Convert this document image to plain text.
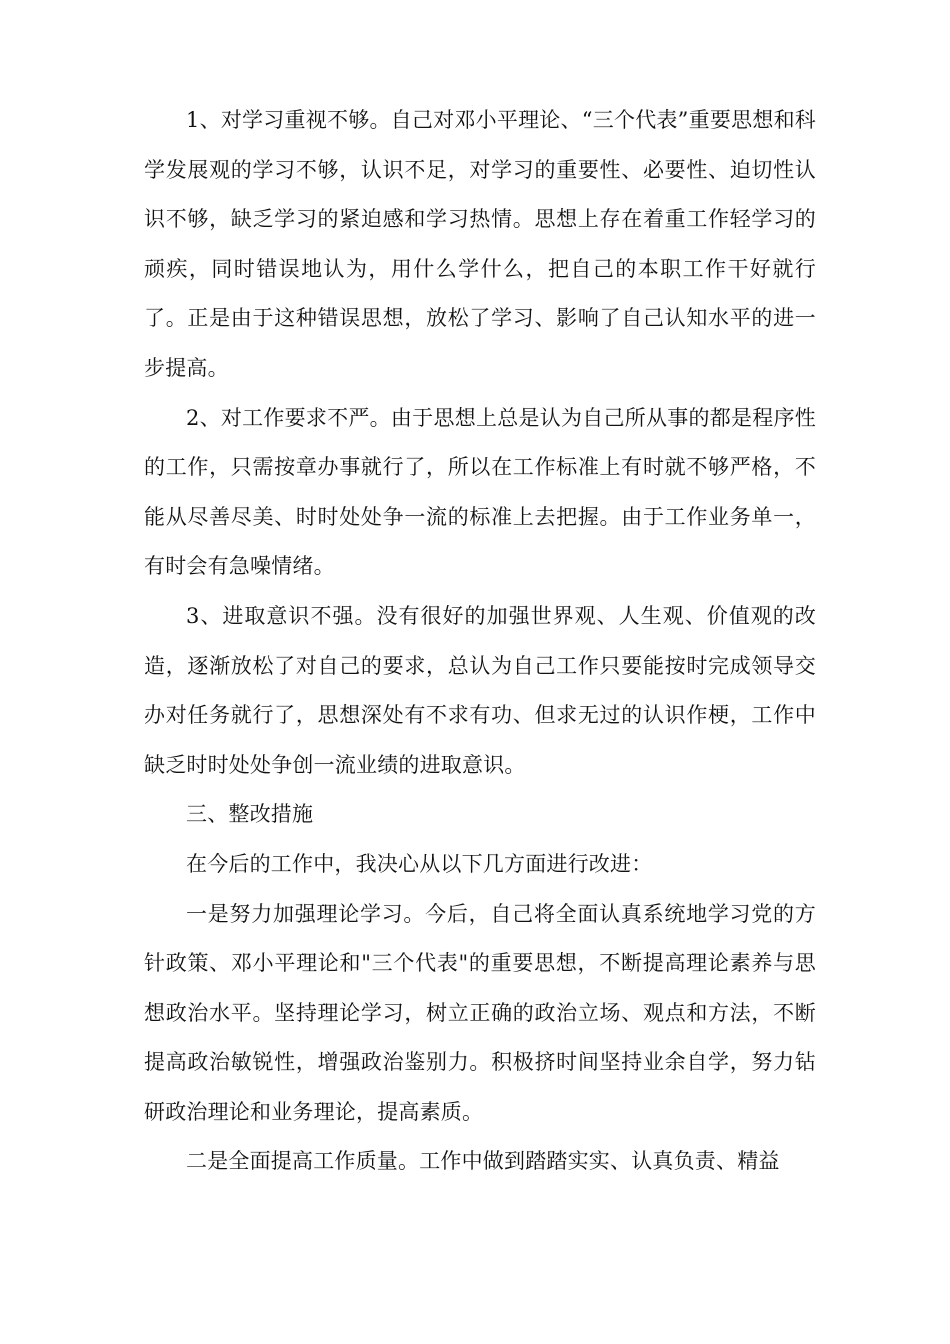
1、对学习重视不够。自己对邓小平理论、“三个代表”重要思想和科学发展观的学习不够，认识不足，对学习的重要性、必要性、迫切性认识不够，缺乏学习的紧迫感和学习热情。思想上存在着重工作轻学习的顽疾，同时错误地认为，用什么学什么，把自己的本职工作干好就行了。正是由于这种错误思想，放松了学习、影响了自己认知水平的进一步提高。

2、对工作要求不严。由于思想上总是认为自己所从事的都是程序性的工作，只需按章办事就行了，所以在工作标准上有时就不够严格，不能从尽善尽美、时时处处争一流的标准上去把握。由于工作业务单一，有时会有急噪情绪。

3、进取意识不强。没有很好的加强世界观、人生观、价值观的改造，逐渐放松了对自己的要求，总认为自己工作只要能按时完成领导交办对任务就行了，思想深处有不求有功、但求无过的认识作梗，工作中缺乏时时处处争创一流业绩的进取意识。

三、整改措施

在今后的工作中，我决心从以下几方面进行改进：

一是努力加强理论学习。今后，自己将全面认真系统地学习党的方针政策、邓小平理论和"三个代表"的重要思想，不断提高理论素养与思想政治水平。坚持理论学习，树立正确的政治立场、观点和方法，不断提高政治敏锐性，增强政治鉴别力。积极挤时间坚持业余自学，努力钻研政治理论和业务理论，提高素质。

二是全面提高工作质量。工作中做到踏踏实实、认真负责、精益
